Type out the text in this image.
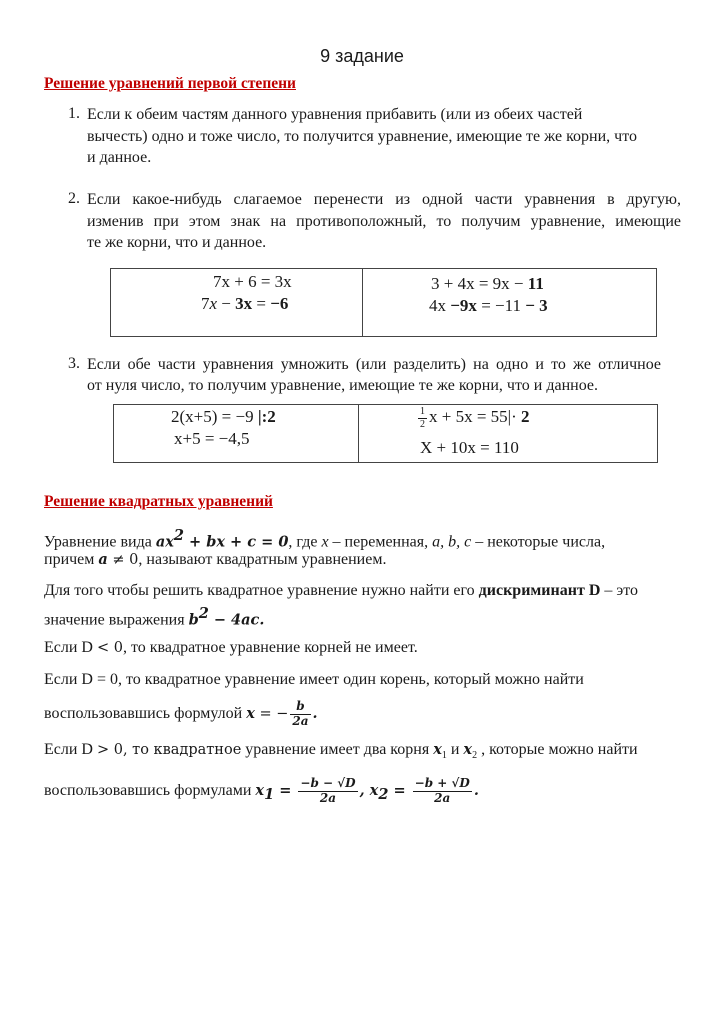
9 задание
Решение уравнений первой степени
1. Если к обеим частям данного уравнения прибавить (или из обеих частей
вычесть) одно и тоже число, то получится уравнение, имеющие те же корни, что
и данное.
2. Если какое-нибудь слагаемое перенести из одной части уравнения в другую,
изменив при этом знак на противоположный, то получим уравнение, имеющие
те же корни, что и данное.
7x + 6 = 3x
7x − 3x = −6
3 + 4x = 9x − 11
4x −9x = −11 − 3
3. Если обе части уравнения умножить (или разделить) на одно и то же отличное
от нуля число, то получим уравнение, имеющие те же корни, что и данное.
2(x+5) = −9 |:2
x+5 = −4,5
$\frac{1}{2}$ x + 5x = 55|· 2
X + 10x = 110
Решение квадратных уравнений
Уравнение вида $ax^2$ + bx + c = 0, где x – переменная, a, b, c – некоторые числа,
причем a ≠ 0, называют квадратным уравнением.
Для того чтобы решить квадратное уравнение нужно найти его дискриминант D – это
значение выражения $b^2 - 4ac$.
Если D < 0, то квадратное уравнение корней не имеет.
Если D = 0, то квадратное уравнение имеет один корень, который можно найти
воспользовавшись формулой x = − $\frac{b}{2a}$ .
Если D > 0, то квадратное уравнение имеет два корня $x_1$ и $x_2$ , которые можно найти
воспользовавшись формулами $x_1 = \frac{-b - √D}{2a}$ , $x_2 = \frac{-b + √D}{2a}$ .
